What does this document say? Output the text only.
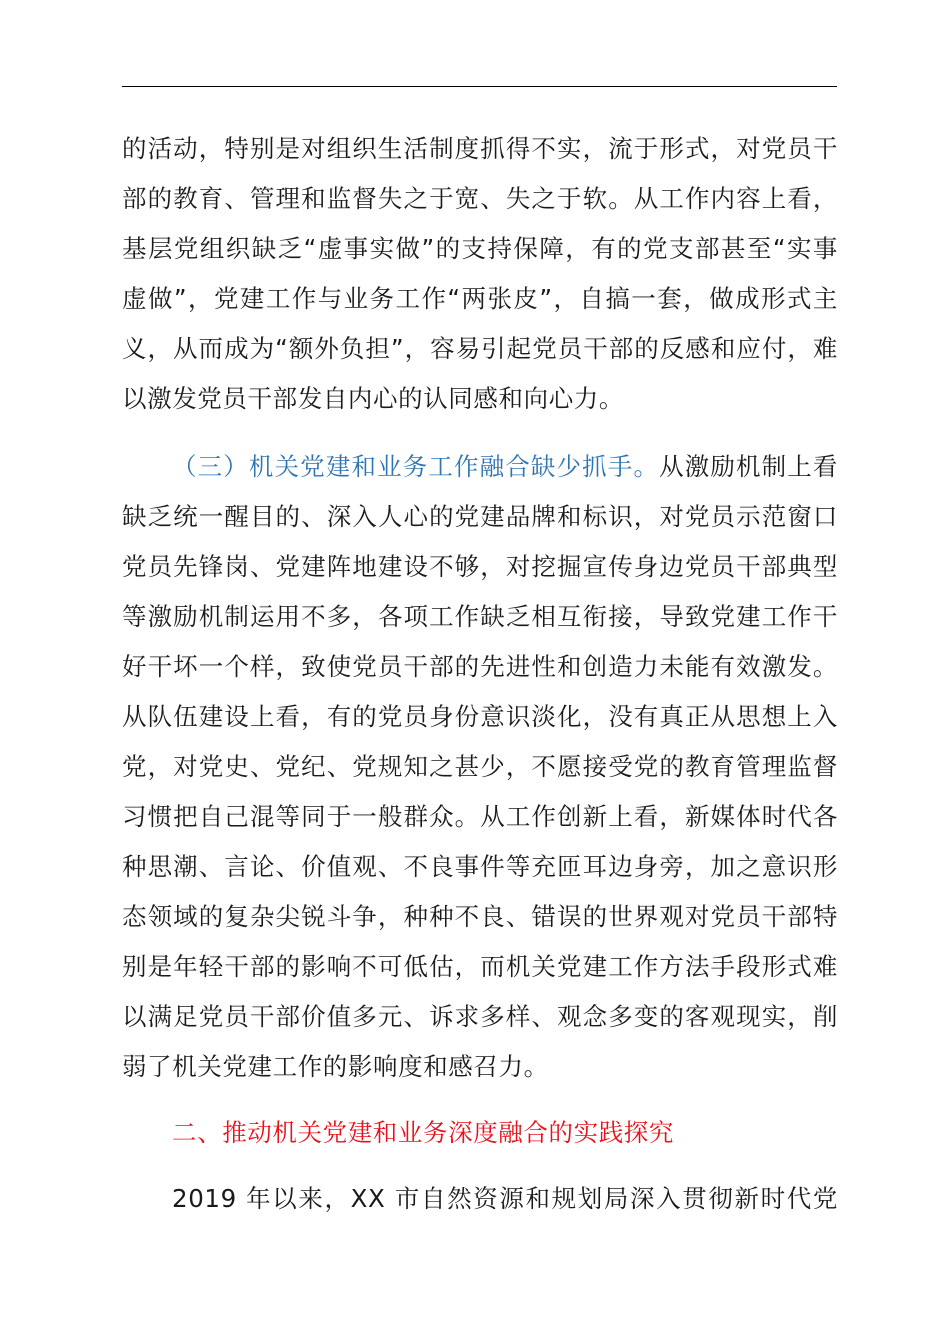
的活动，特别是对组织生活制度抓得不实，流于形式，对党员干
部的教育、管理和监督失之于宽、失之于软。从工作内容上看，
基层党组织缺乏“虚事实做”的支持保障，有的党支部甚至“实事
虚做”，党建工作与业务工作“两张皮”，自搞一套，做成形式主
义，从而成为“额外负担”，容易引起党员干部的反感和应付，难
以激发党员干部发自内心的认同感和向心力。
（三）机关党建和业务工作融合缺少抓手。从激励机制上看
缺乏统一醒目的、深入人心的党建品牌和标识，对党员示范窗口
党员先锋岗、党建阵地建设不够，对挖掘宣传身边党员干部典型
等激励机制运用不多，各项工作缺乏相互衔接，导致党建工作干
好干坏一个样，致使党员干部的先进性和创造力未能有效激发。
从队伍建设上看，有的党员身份意识淡化，没有真正从思想上入
党，对党史、党纪、党规知之甚少，不愿接受党的教育管理监督
习惯把自己混等同于一般群众。从工作创新上看，新媒体时代各
种思潮、言论、价值观、不良事件等充匝耳边身旁，加之意识形
态领域的复杂尖锐斗争，种种不良、错误的世界观对党员干部特
别是年轻干部的影响不可低估，而机关党建工作方法手段形式难
以满足党员干部价值多元、诉求多样、观念多变的客观现实，削
弱了机关党建工作的影响度和感召力。
二、推动机关党建和业务深度融合的实践探究
2019 年以来，XX 市自然资源和规划局深入贯彻新时代党
